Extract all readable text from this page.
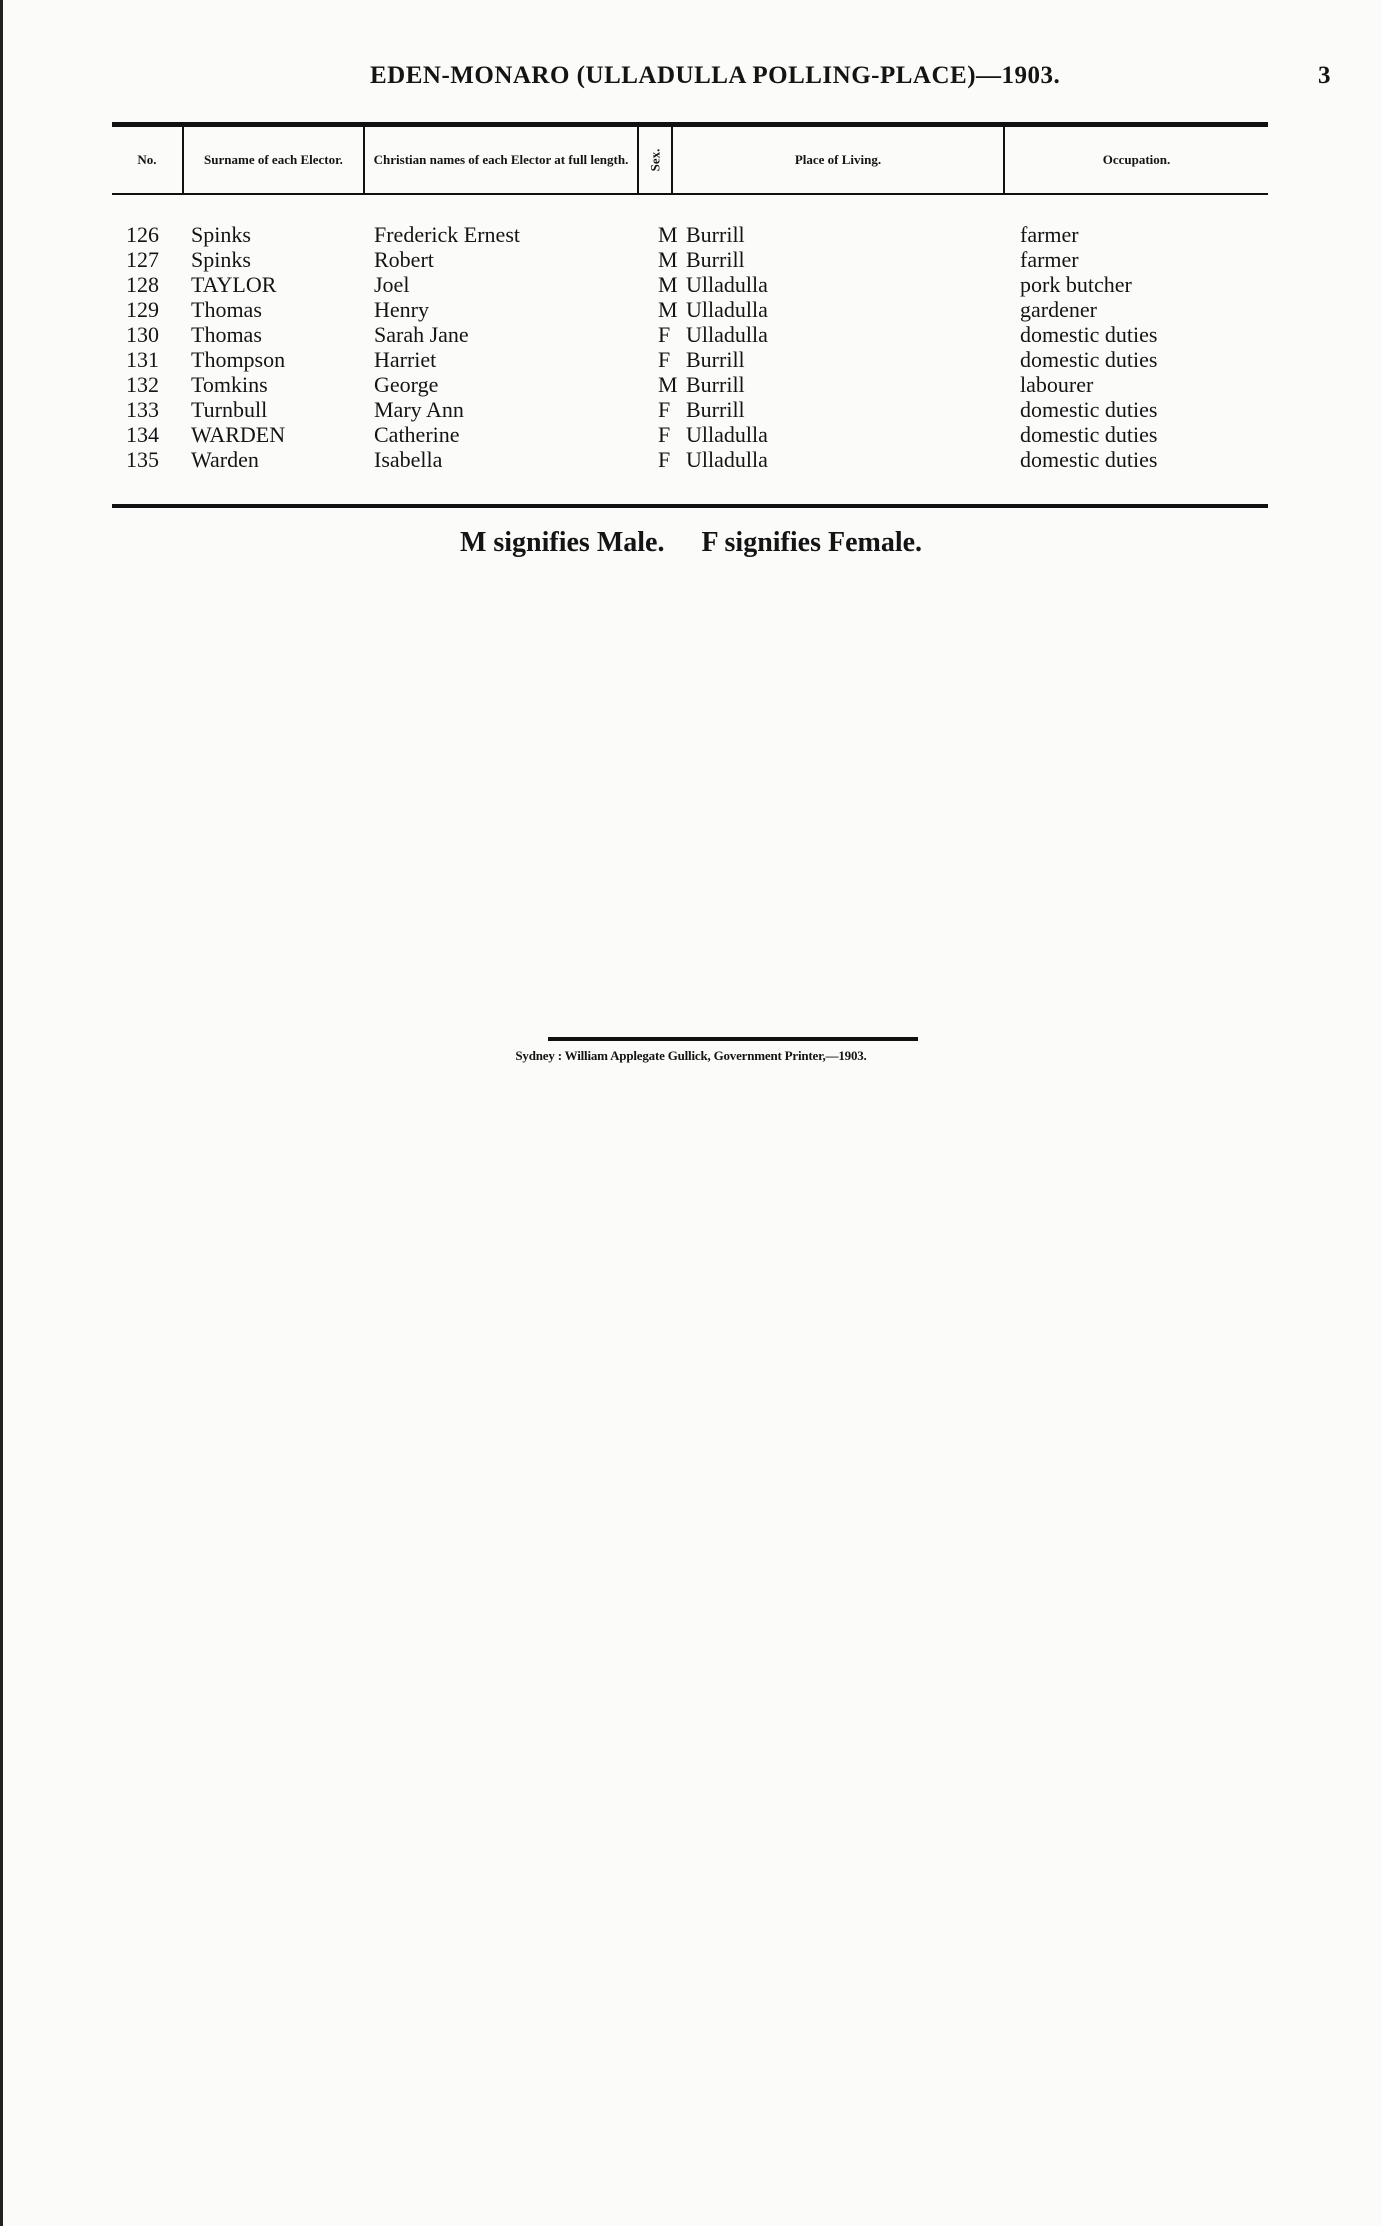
EDEN-MONARO (ULLADULLA POLLING-PLACE)—1903.	3
No.	Surname of each Elector. Christian names of each Elector at full length. Sex.	Place of Living.	Occupation.
126 Spinks	Frederick Ernest	M Burrill	farmer
127 Spinks	Robert	M Burrill	farmer
128 TAYLOR	Joel	M Ulladulla	pork butcher
129 Thomas	Henry	M Ulladulla	gardener
130 Thomas	Sarah Jane	F Ulladulla	domestic duties
131 Thompson	Harriet	F Burrill	domestic duties
132 Tomkins	George	M Burrill	labourer
133 Turnbull	Mary Ann	F Burrill	domestic duties
134 WARDEN	Catherine	F Ulladulla	domestic duties
135 Warden	Isabella	F Ulladulla	domestic duties
M signifies Male. F signifies Female.
Sydney : William Applegate Gullick, Government Printer,—1903.
